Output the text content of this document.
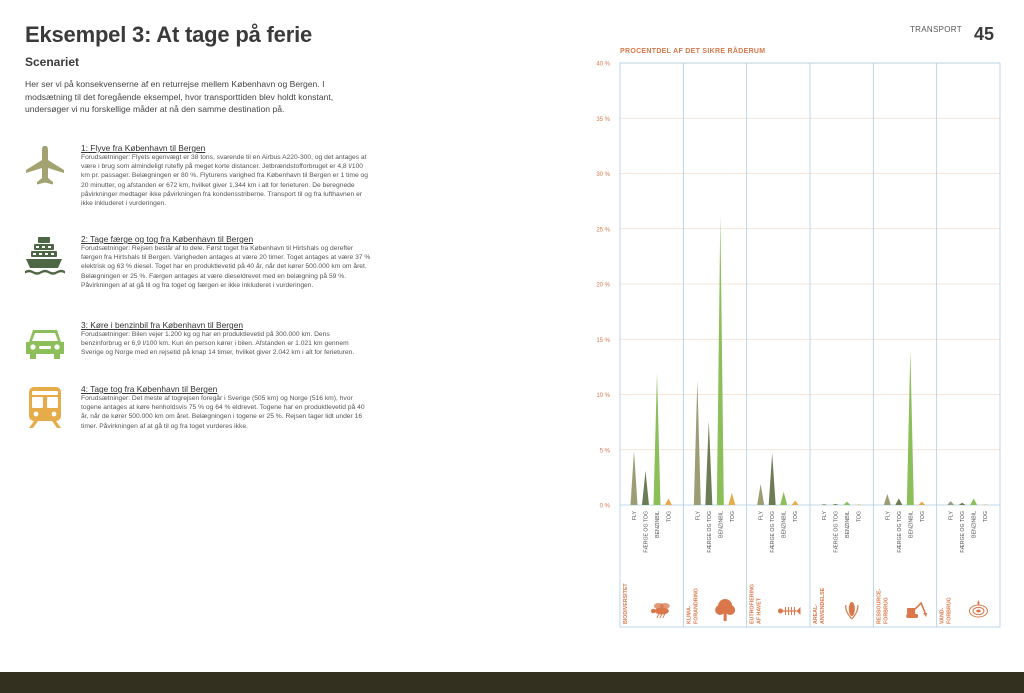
Eksempel 3: At tage på ferie
Scenariet

Her ser vi på konsekvenserne af en returrejse mellem København og Bergen. I modsætning til det foregående eksempel, hvor transporttiden blev holdt konstant, undersøger vi nu forskellige måder at nå den samme destination på.

1: Flyve fra København til Bergen

Forudsætninger: Flyets egenvægt er 38 tons, svarende til en Airbus A220-300, og det antages at være i brug som almindeligt rutefly på meget korte distancer. Jetbrændstofforbruget er 4,8 l/100 km pr. passager. Belægningen er 80 %. Flyturens varighed fra København til Bergen er 1 time og 20 minutter, og afstanden er 672 km, hvilket giver 1.344 km i alt for ferieturen. De beregnede påvirkninger medtager ikke påvirkningen fra kondensstriberne. Transport til og fra lufthavnen er ikke inkluderet i vurderingen.

2: Tage færge og tog fra København til Bergen

Forudsætninger: Rejsen består af to dele. Først toget fra København til Hirtshals og derefter færgen fra Hirtshals til Bergen. Varigheden antages at være 20 timer. Toget antages at være 37 % elektrisk og 63 % diesel. Toget har en produktlevetid på 40 år, når det kører 500.000 km om året. Belægningen er 25 %. Færgen antages at være dieseldrevet med en belægning på 59 %. Påvirkningen af at gå til og fra toget og færgen er ikke inkluderet i vurderingen.

3: Køre i benzinbil fra København til Bergen

Forudsætninger: Bilen vejer 1.200 kg og har en produktlevetid på 300.000 km. Dens benzinforbrug er 6,9 l/100 km. Kun én person kører i bilen. Afstanden er 1.021 km gennem Sverige og Norge med en rejsetid på knap 14 timer, hvilket giver 2.042 km i alt for ferieturen.

4: Tage tog fra København til Bergen

Forudsætninger: Det meste af togrejsen foregår i Sverige (505 km) og Norge (516 km), hvor togene antages at køre henholdsvis 75 % og 64 % eldrevet. Togene har en produktlevetid på 40 år, når de kører 500.000 km om året. Belægningen i togene er 25 %. Rejsen tager lidt under 16 timer. Påvirkningen af at gå til og fra toget vurderes ikke.

TRANSPORT 45
PROCENTDEL AF DET SIKRE RÅDERUM
0 %
5 %
10 %
15 %
20 %
25 %
30 %
35 %
40 %
FLY FÆRGE OG TOG BENZINBIL TOG
BIODIVERSITET
FLY FÆRGE OG TOG BENZINBIL TOG
KLIMA- FORANDRING
FLY FÆRGE OG TOG BENZINBIL TOG
EUTROFIERING AF HAVET
FLY FÆRGE OG TOG BENZINBIL TOG
AREAL- ANVENDELSE
FLY FÆRGE OG TOG BENZINBIL TOG
RESSOURCE- FORBRUG
FLY FÆRGE OG TOG BENZINBIL TOG
VAND- FORBRUG
